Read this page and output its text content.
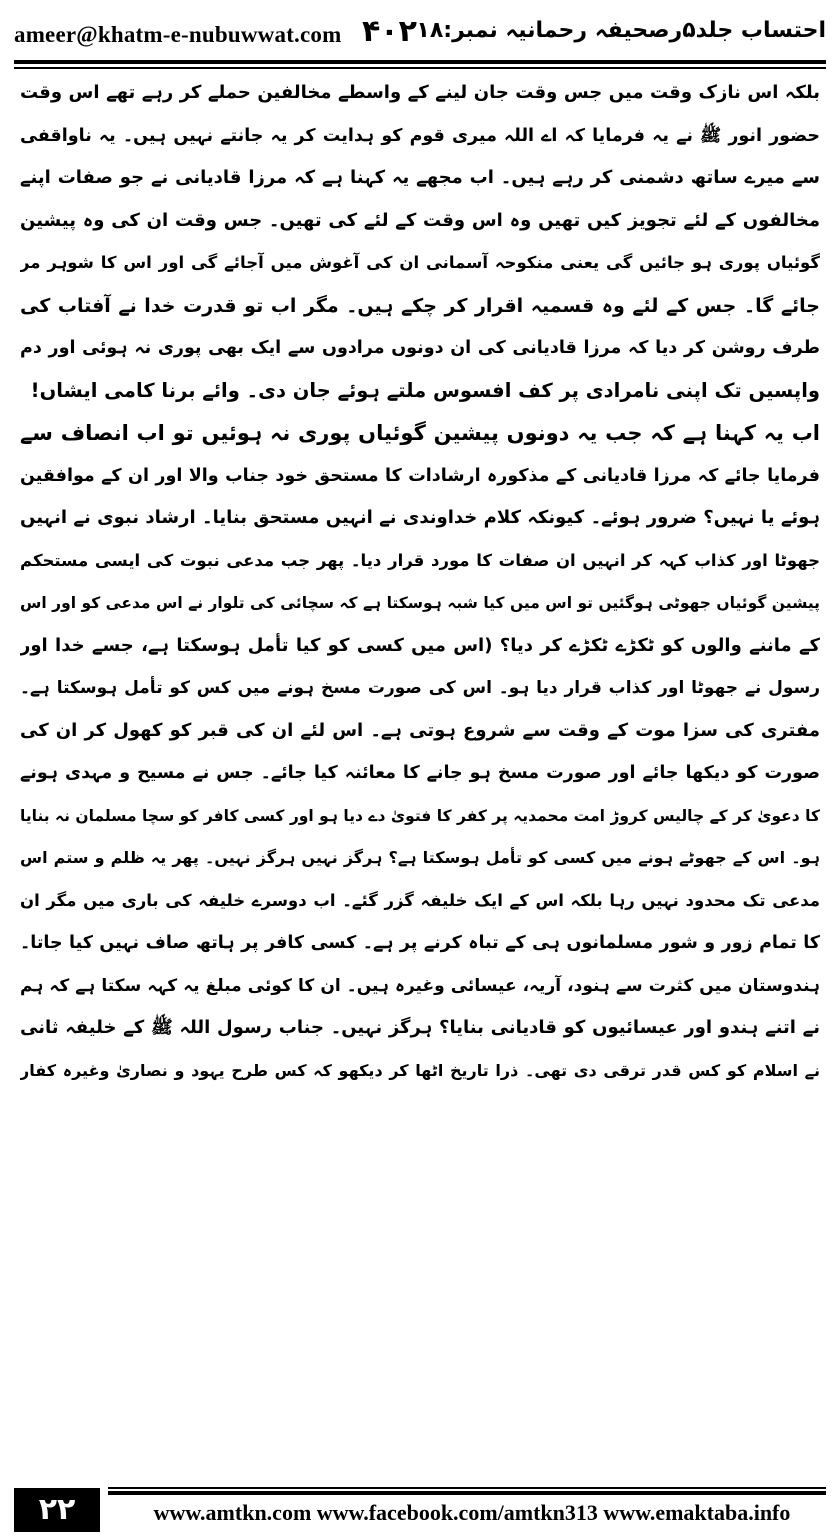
ameer@khatm-e-nubuwwat.com ۴۰۲ احتساب جلد۵رصحیفہ رحمانیہ نمبر:۱۸
بلکہ اس نازک وقت میں جس وقت جان لینے کے واسطے مخالفین حملے کر رہے تھے اس وقت
حضور انور ﷺ نے یہ فرمایا کہ اے اللہ میری قوم کو ہدایت کر یہ جانتے نہیں ہیں۔ یہ ناواقفی
سے میرے ساتھ دشمنی کر رہے ہیں۔ اب مجھے یہ کہنا ہے کہ مرزا قادیانی نے جو صفات اپنے
مخالفوں کے لئے تجویز کیں تھیں وہ اس وقت کے لئے کی تھیں۔ جس وقت ان کی وہ پیشین
گوئیاں پوری ہو جائیں گی یعنی منکوحہ آسمانی ان کی آغوش میں آجائے گی اور اس کا شوہر مر
جائے گا۔ جس کے لئے وہ قسمیہ اقرار کر چکے ہیں۔ مگر اب تو قدرت خدا نے آفتاب کی
طرف روشن کر دیا کہ مرزا قادیانی کی ان دونوں مرادوں سے ایک بھی پوری نہ ہوئی اور دم
واپسیں تک اپنی نامرادی پر کف افسوس ملتے ہوئے جان دی۔ وائے برنا کامی ایشاں!
اب یہ کہنا ہے کہ جب یہ دونوں پیشین گوئیاں پوری نہ ہوئیں تو اب انصاف سے
فرمایا جائے کہ مرزا قادیانی کے مذکورہ ارشادات کا مستحق خود جناب والا اور ان کے موافقین
ہوئے یا نہیں؟ ضرور ہوئے۔ کیونکہ کلام خداوندی نے انہیں مستحق بنایا۔ ارشاد نبوی نے انہیں
جھوٹا اور کذاب کہہ کر انہیں ان صفات کا مورد قرار دیا۔ پھر جب مدعی نبوت کی ایسی مستحکم
پیشین گوئیاں جھوٹی ہوگئیں تو اس میں کیا شبہ ہوسکتا ہے کہ سچائی کی تلوار نے اس مدعی کو اور اس
کے ماننے والوں کو ٹکڑے ٹکڑے کر دیا؟ (اس میں کسی کو کیا تأمل ہوسکتا ہے، جسے خدا اور
رسول نے جھوٹا اور کذاب قرار دیا ہو۔ اس کی صورت مسخ ہونے میں کس کو تأمل ہوسکتا ہے۔
مفتری کی سزا موت کے وقت سے شروع ہوتی ہے۔ اس لئے ان کی قبر کو کھول کر ان کی
صورت کو دیکھا جائے اور صورت مسخ ہو جانے کا معائنہ کیا جائے۔ جس نے مسیح و مہدی ہونے
کا دعویٰ کر کے چالیس کروڑ امت محمدیہ پر کفر کا فتویٰ دے دیا ہو اور کسی کافر کو سچا مسلمان نہ بنایا
ہو۔ اس کے جھوٹے ہونے میں کسی کو تأمل ہوسکتا ہے؟ ہرگز نہیں ہرگز نہیں۔ پھر یہ ظلم و ستم اس
مدعی تک محدود نہیں رہا بلکہ اس کے ایک خلیفہ گزر گئے۔ اب دوسرے خلیفہ کی باری میں مگر ان
کا تمام زور و شور مسلمانوں ہی کے تباہ کرنے پر ہے۔ کسی کافر پر ہاتھ صاف نہیں کیا جاتا۔
ہندوستان میں کثرت سے ہنود، آریہ، عیسائی وغیرہ ہیں۔ ان کا کوئی مبلغ یہ کہہ سکتا ہے کہ ہم
نے اتنے ہندو اور عیسائیوں کو قادیانی بنایا؟ ہرگز نہیں۔ جناب رسول اللہ ﷺ کے خلیفہ ثانی
نے اسلام کو کس قدر ترقی دی تھی۔ ذرا تاریخ اٹھا کر دیکھو کہ کس طرح یہود و نصاریٰ وغیرہ کفار
۲۲	www.amtkn.com www.facebook.com/amtkn313 www.emaktaba.info
